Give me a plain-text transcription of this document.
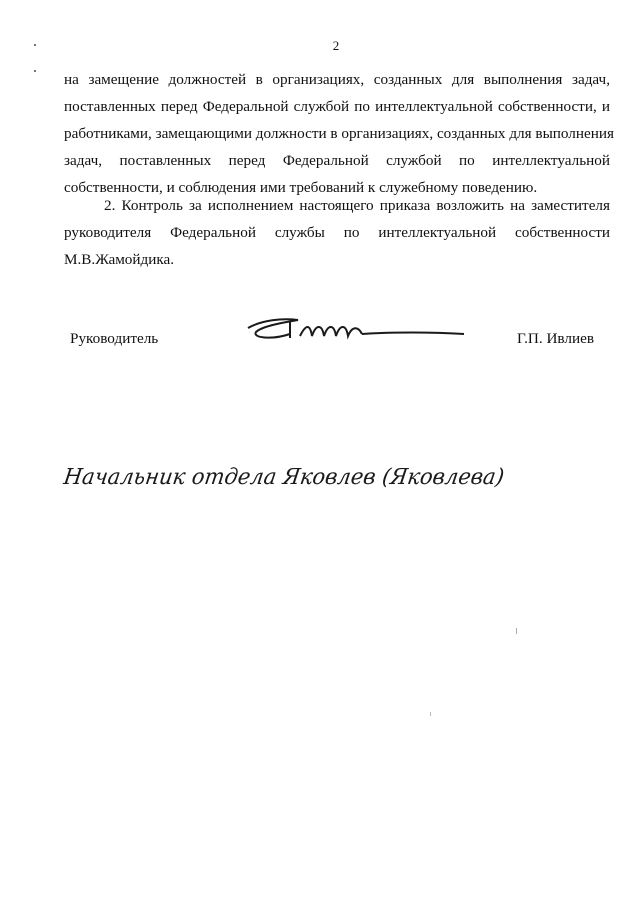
2
на замещение должностей в организациях, созданных для выполнения задач,
поставленных перед Федеральной службой по интеллектуальной собственности, и
работниками, замещающими должности в организациях, созданных для выполнения
задач, поставленных перед Федеральной службой по интеллектуальной
собственности, и соблюдения ими требований к служебному поведению.
2. Контроль за исполнением настоящего приказа возложить на заместителя
руководителя Федеральной службы по интеллектуальной собственности
М.В.Жамойдика.
Руководитель	Г.П. Ивлиев
Начальник отдела Яковлев (Яковлева)
